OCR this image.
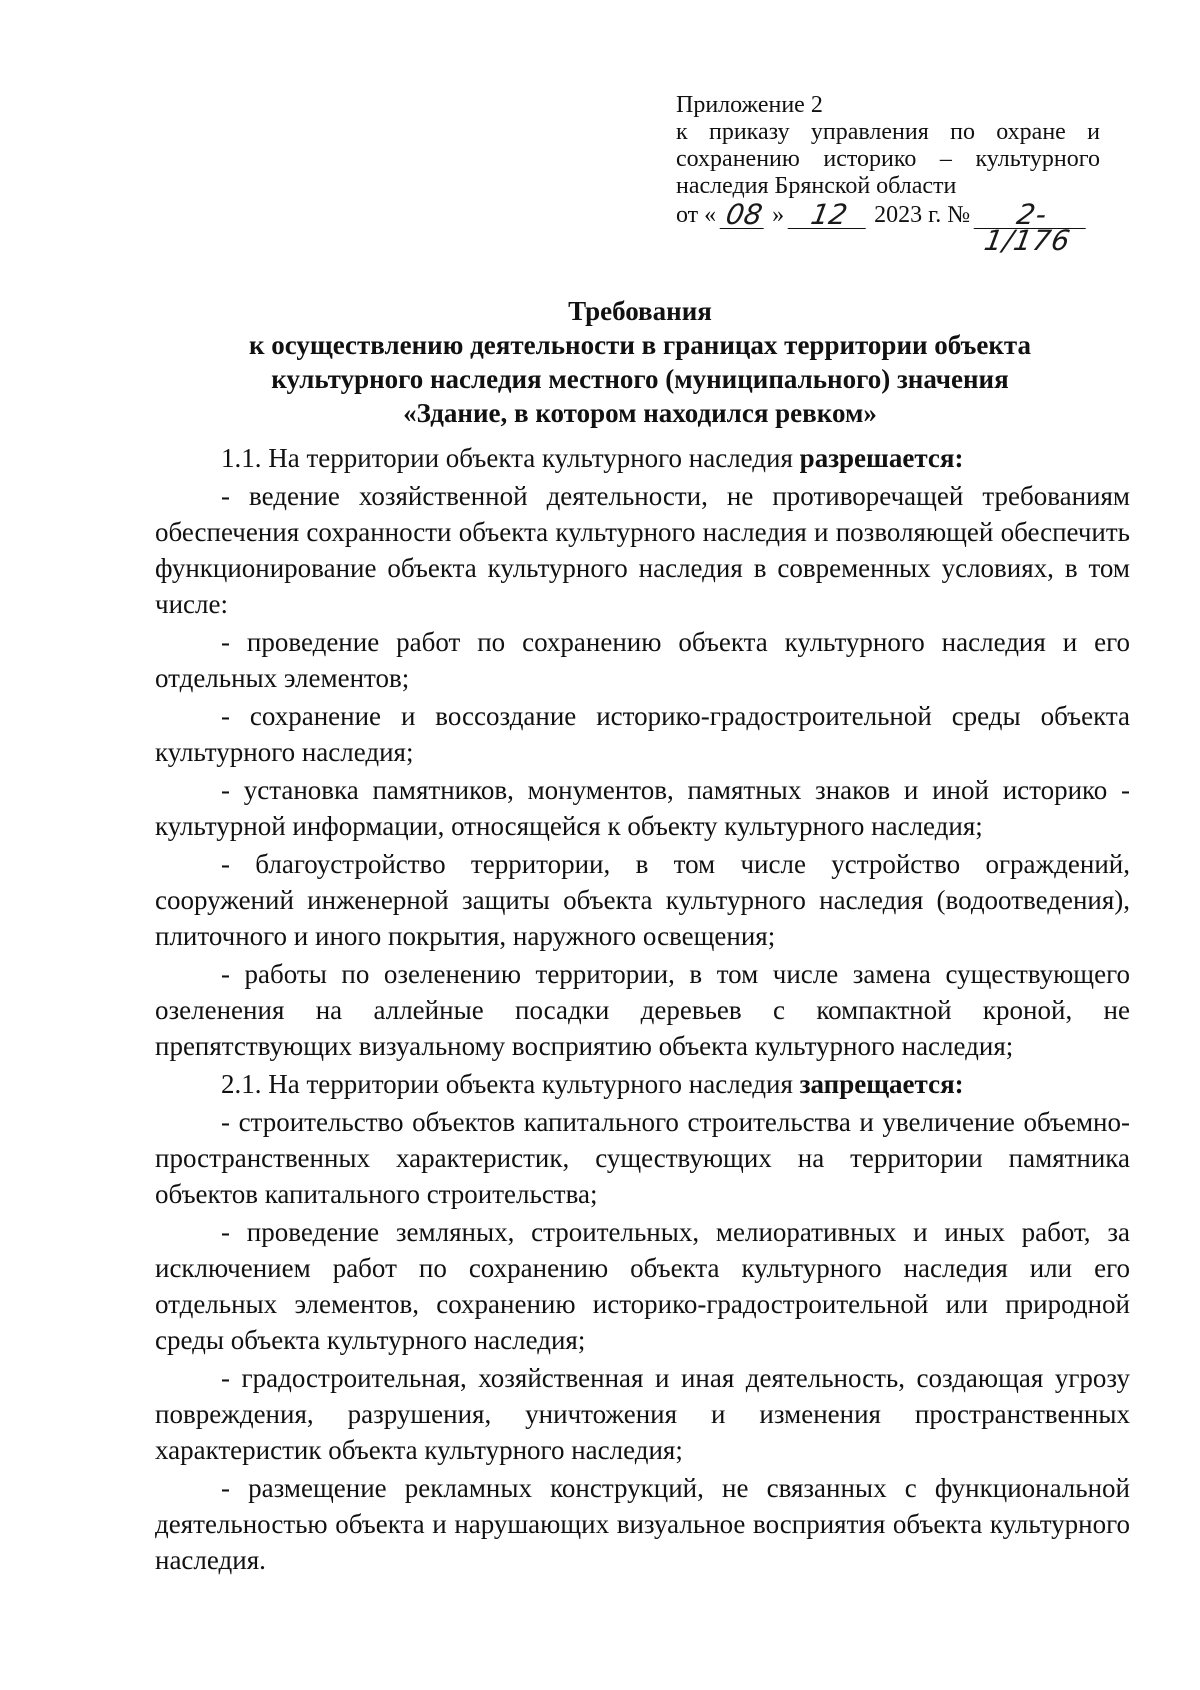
Приложение 2
к приказу управления по охране и
сохранению историко – культурного
наследия Брянской области
от « 08 » 12	2023 г. №	2-1/176
Требования
к осуществлению деятельности в границах территории объекта
культурного наследия местного (муниципального) значения
«Здание, в котором находился ревком»

1.1. На территории объекта культурного наследия разрешается:

- ведение хозяйственной деятельности, не противоречащей требованиям обеспечения сохранности объекта культурного наследия и позволяющей обеспечить функционирование объекта культурного наследия в современных условиях, в том числе:

- проведение работ по сохранению объекта культурного наследия и его отдельных элементов;

- сохранение и воссоздание историко-градостроительной среды объекта культурного наследия;

- установка памятников, монументов, памятных знаков и иной историко - культурной информации, относящейся к объекту культурного наследия;

- благоустройство территории, в том числе устройство ограждений, сооружений инженерной защиты объекта культурного наследия (водоотведения), плиточного и иного покрытия, наружного освещения;

- работы по озеленению территории, в том числе замена существующего озеленения на аллейные посадки деревьев с компактной кроной, не препятствующих визуальному восприятию объекта культурного наследия;

2.1. На территории объекта культурного наследия запрещается:

- строительство объектов капитального строительства и увеличение объемно-пространственных характеристик, существующих на территории памятника объектов капитального строительства;

- проведение земляных, строительных, мелиоративных и иных работ, за исключением работ по сохранению объекта культурного наследия или его отдельных элементов, сохранению историко-градостроительной или природной среды объекта культурного наследия;

- градостроительная, хозяйственная и иная деятельность, создающая угрозу повреждения, разрушения, уничтожения и изменения пространственных характеристик объекта культурного наследия;

- размещение рекламных конструкций, не связанных с функциональной деятельностью объекта и нарушающих визуальное восприятия объекта культурного наследия.
